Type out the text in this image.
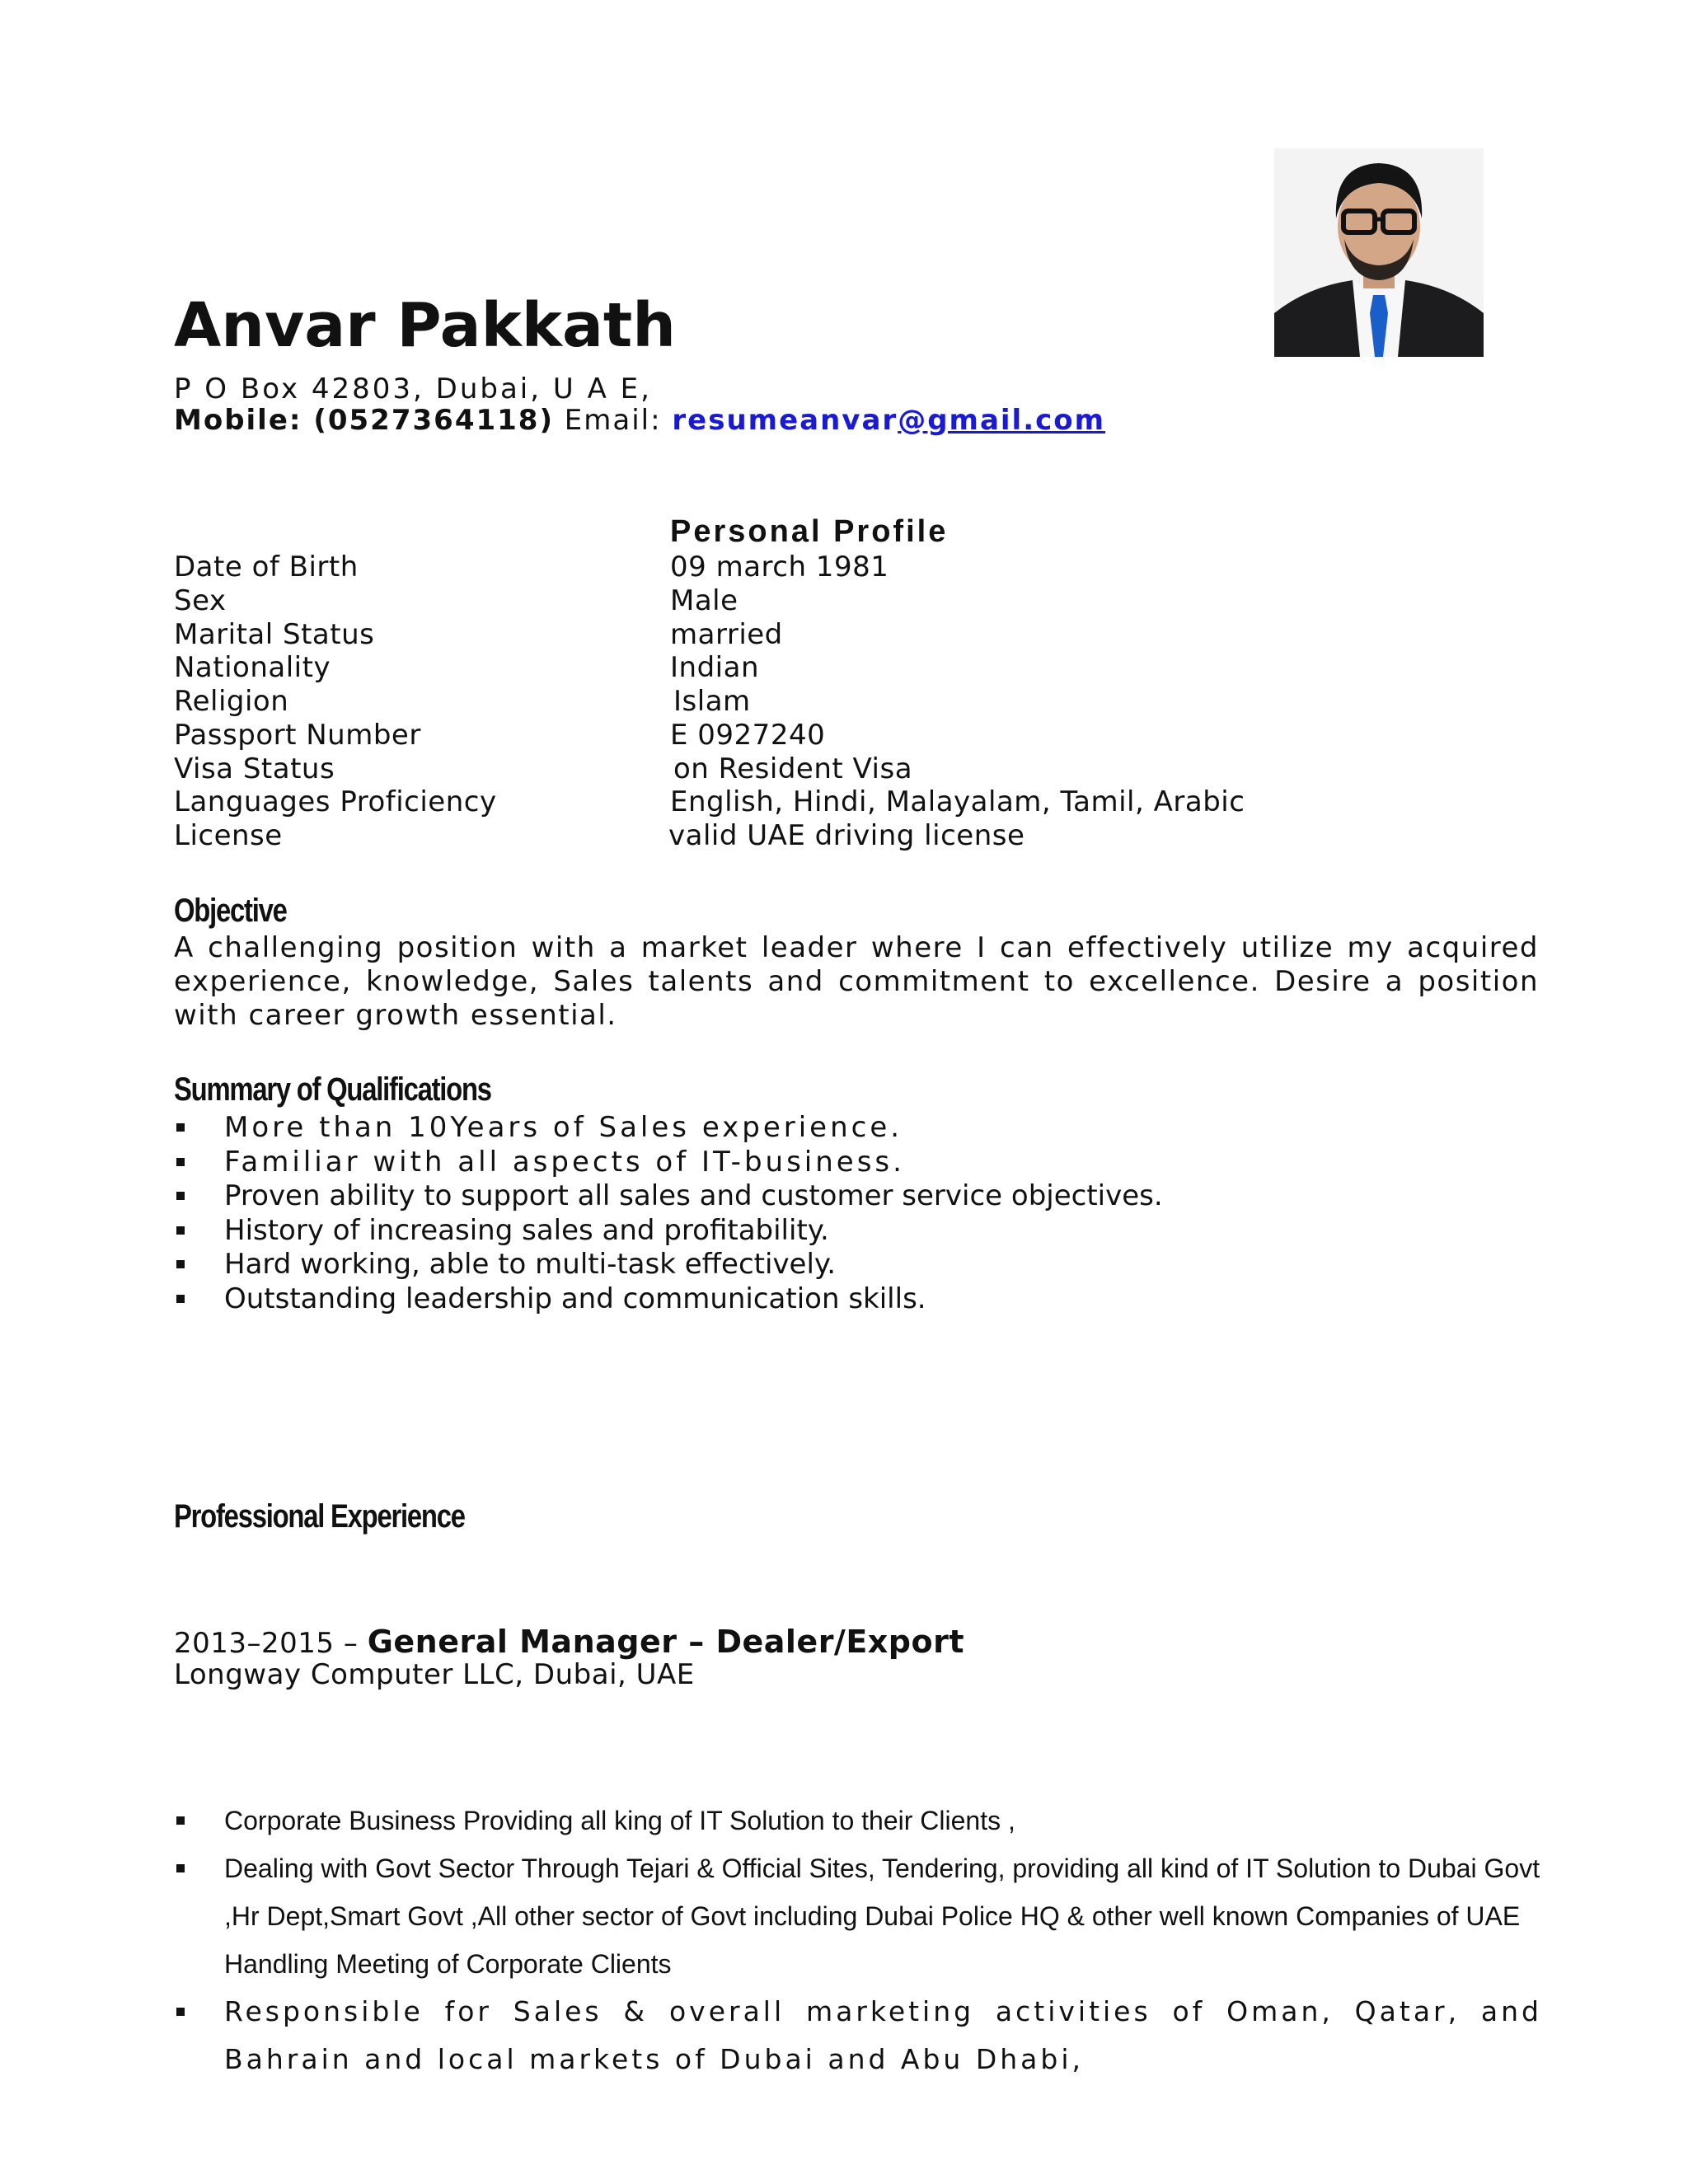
Anvar Pakkath
P O Box 42803, Dubai, U A E,
Mobile: (0527364118) Email: resumeanvar@gmail.com
Personal Profile
Date of Birth	09 march 1981
Sex	Male
Marital Status	married
Nationality	Indian
Religion	Islam
Passport Number	E 0927240
Visa Status	on Resident Visa
Languages Proficiency	English, Hindi, Malayalam, Tamil, Arabic
License	valid UAE driving license
Objective
A challenging position with a market leader where I can effectively utilize my acquired experience, knowledge, Sales talents and commitment to excellence. Desire a position with career growth essential.
Summary of Qualifications
More than 10Years of Sales experience.
Familiar with all aspects of IT-business.
Proven ability to support all sales and customer service objectives.
History of increasing sales and profitability.
Hard working, able to multi-task effectively.
Outstanding leadership and communication skills.
Professional Experience
2013–2015 – General Manager – Dealer/Export
Longway Computer LLC, Dubai, UAE
Corporate Business Providing all king of IT Solution to their Clients ,
Dealing with Govt Sector Through Tejari & Official Sites, Tendering, providing all kind of IT Solution to Dubai Govt ,Hr Dept,Smart Govt ,All other sector of Govt including Dubai Police HQ & other well known Companies of UAE Handling Meeting of Corporate Clients
Responsible for Sales & overall marketing activities of Oman, Qatar, and Bahrain and local markets of Dubai and Abu Dhabi,
